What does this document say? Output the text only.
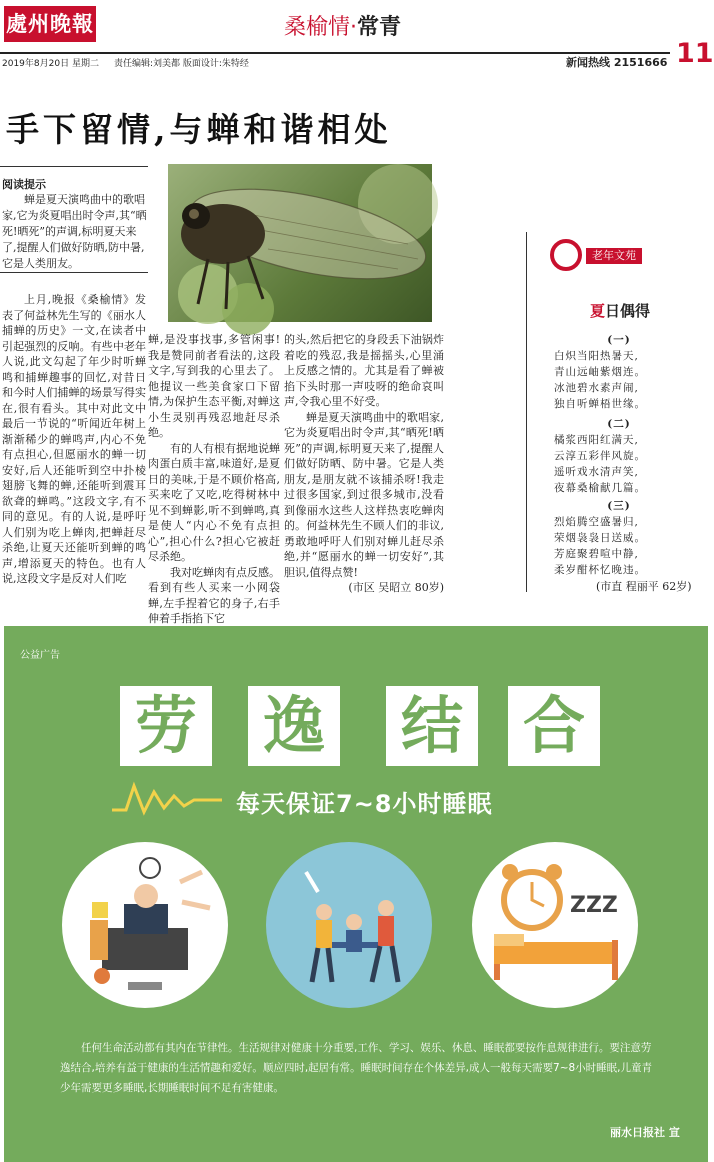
處州晚報	桑榆情·常青
11
2019年8月20日 星期二 责任编辑:刘美都 版面设计:朱特经	新闻热线 2151666
手下留情,与蝉和谐相处
阅读提示
蝉是夏天演鸣曲中的歌唱家,它为炎夏唱出时令声,其“晒死!晒死”的声调,标明夏天来了,提醒人们做好防晒,防中暑,它是人类朋友。

上月,晚报《桑榆情》发表了何益林先生写的《丽水人捕蝉的历史》一文,在读者中引起强烈的反响。有些中老年人说,此文勾起了年少时听蝉鸣和捕蝉趣事的回忆,对昔日和今时人们捕蝉的场景写得实在,很有看头。其中对此文中最后一节说的“听闻近年树上渐渐稀少的蝉鸣声,内心不免有点担心,但愿丽水的蝉一切安好,后人还能听到空中扑棱翅膀飞舞的蝉,还能听到震耳欲聋的蝉鸣。”这段文字,有不同的意见。有的人说,是呼吁人们别为吃上蝉肉,把蝉赶尽杀绝,让夏天还能听到蝉的鸣声,增添夏天的特色。也有人说,这段文字是反对人们吃

蝉,是没事找事,多管闲事!我是赞同前者看法的,这段文字,写到我的心里去了。他提议一些美食家口下留情,为保护生态平衡,对蝉这小生灵别再残忍地赶尽杀绝。

有的人有根有据地说蝉肉蛋白质丰富,味道好,是夏日的美味,于是不顾价格高,买来吃了又吃,吃得树林中见不到蝉影,听不到蝉鸣,真是使人“内心不免有点担心”,担心什么?担心它被赶尽杀绝。

我对吃蝉肉有点反感。看到有些人买来一小网袋蝉,左手捏着它的身子,右手伸着手指掐下它

的头,然后把它的身段丢下油锅炸着吃的残忍,我是摇摇头,心里涌上反感之情的。尤其是看了蝉被掐下头时那一声吱呀的绝命哀叫声,令我心里不好受。

蝉是夏天演鸣曲中的歌唱家,它为炎夏唱出时令声,其“晒死!晒死”的声调,标明夏天来了,提醒人们做好防晒、防中暑。它是人类朋友,是朋友就不该捕杀呀!我走过很多国家,到过很多城市,没看到像丽水这些人这样热衷吃蝉肉的。何益林先生不顾人们的非议,勇敢地呼吁人们别对蝉儿赶尽杀绝,并“愿丽水的蝉一切安好”,其胆识,值得点赞!

(市区 吴昭立 80岁)
老年文苑
夏日偶得
(一)
白炽当阳热暑天,
青山远岫紫烟连。
冰池碧水素声闹,
独自听蝉梧世缘。
(二)
橘浆西阳红满天,
云淳五彩伴风旋。
遥听戏水清声笑,
夜幕桑榆献几篇。
(三)
烈焰腾空盛暑归,
荣烟袅袅日送威。
芳庭聚碧喧中静,
柔岁酣杯忆晚违。
(市直 程丽平 62岁)
公益广告
劳 逸 结 合
每天保证7~8小时睡眠
ZZZ
任何生命活动都有其内在节律性。生活规律对健康十分重要,工作、学习、娱乐、休息、睡眠都要按作息规律进行。要注意劳逸结合,培养有益于健康的生活情趣和爱好。顺应四时,起居有常。睡眠时间存在个体差异,成人一般每天需要7~8小时睡眠,儿童青少年需要更多睡眠,长期睡眠时间不足有害健康。
丽水日报社 宣
